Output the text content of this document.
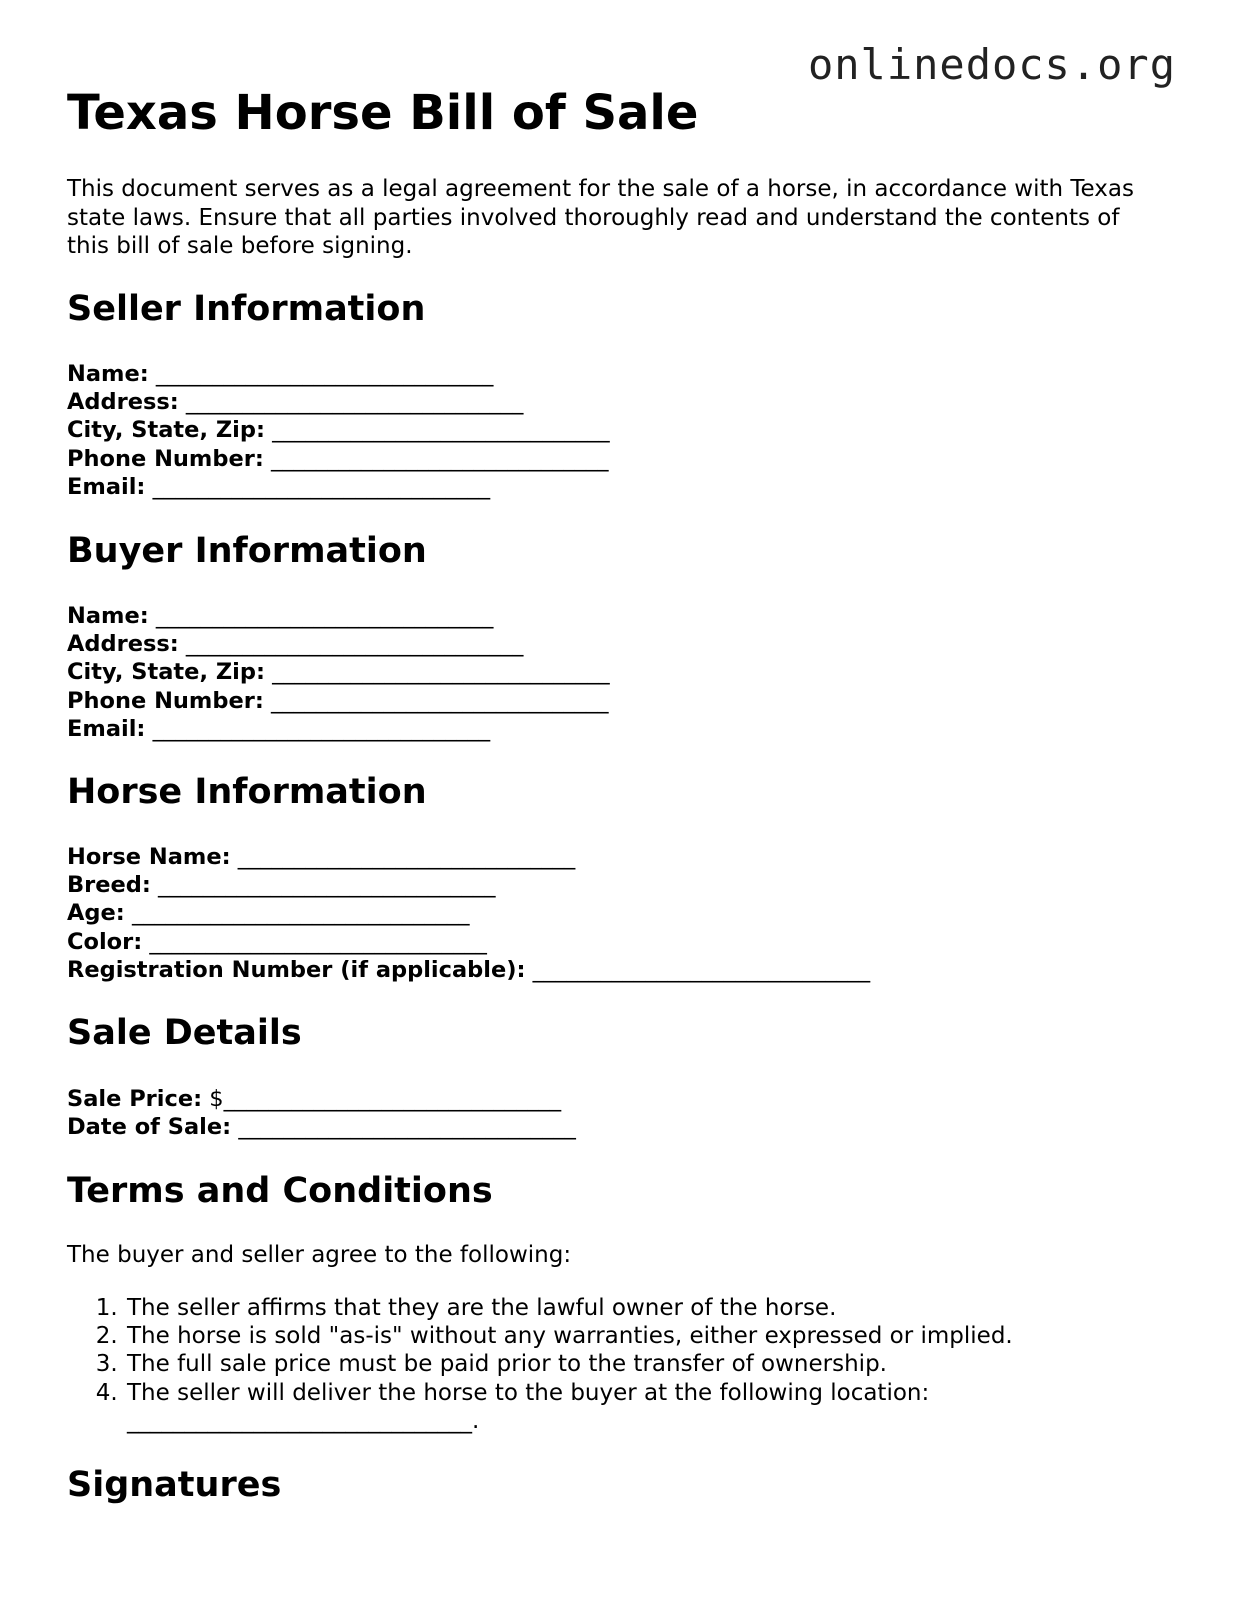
onlinedocs.org
Texas Horse Bill of Sale

This document serves as a legal agreement for the sale of a horse, in accordance with Texas state laws. Ensure that all parties involved thoroughly read and understand the contents of this bill of sale before signing.

Seller Information
Name: ______________________________
Address: ______________________________
City, State, Zip: ______________________________
Phone Number: ______________________________
Email: ______________________________
Buyer Information
Name: ______________________________
Address: ______________________________
City, State, Zip: ______________________________
Phone Number: ______________________________
Email: ______________________________
Horse Information
Horse Name: ______________________________
Breed: ______________________________
Age: ______________________________
Color: ______________________________
Registration Number (if applicable): ______________________________
Sale Details
Sale Price: $______________________________
Date of Sale: ______________________________
Terms and Conditions

The buyer and seller agree to the following:

1. The seller affirms that they are the lawful owner of the horse.
2. The horse is sold "as-is" without any warranties, either expressed or implied.
3. The full sale price must be paid prior to the transfer of ownership.
4. The seller will deliver the horse to the buyer at the following location:
______________________________.
Signatures
